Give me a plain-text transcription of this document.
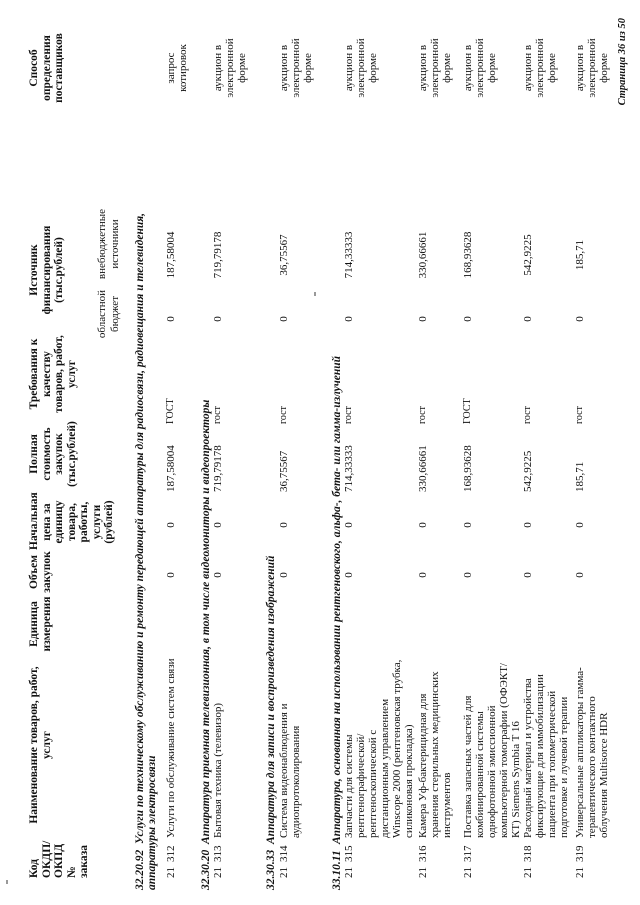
Код ОКДП/ ОКПД № заказа
Наименование товаров, работ, услуг
Единица измерения
Объем закупок
Начальная цена за единицу товара, работы, услуги (рублей)
Полная стоимость закупок (тыс.рублей)
Требования к качеству товаров, работ, услуг
Источник финансирования (тыс.рублей)
областной бюджет
внебюджетные источники
Способ определения поставщиков
32.20.92Услуги по техническому обслуживанию и ремонту передающей аппаратуры для радиосвязи, радиовещания и телевидения, аппаратуры электросвязи 21
312
Услуги по обслуживание систем связи
0
0
187,58004
ГОСТ
0
187,58004
запрос котировок
32.30.20Аппаратура приемная телевизионная, в том числе видеомониторы и видеопроекторы
21
313
Бытовая техника (телевизор)
0
0
719,79178
гост
0
719,79178
аукцион в электронной форме
32.30.33Аппаратура для записи и воспроизведения изображений
21
314
Система видеонаблюдения и аудиопротоколирования
0
0
36,75567
гост
0
36,75567
аукцион в электронной форме
33.10.11Аппаратура, основанная на использовании рентгеновского, альфа-, бета- или гамма-излучений
21
315
Запчасти для системы рентгенографической/рентгеноскопической с дистанционным управлением Winscope 2000 (рентгеновская трубка, силиконовая прокладка)
0
0
714,33333
гост
0
714,33333
аукцион в электронной форме
21
316
Камера Уф-бактерицидная для хранения стерильных медицинских инструментов
0
0
330,66661
гост
0
330,66661
аукцион в электронной форме
21
317
Поставка запасных частей для комбинированной системы однофотонной эмиссионной компьютерной томографии (ОФЭКТ/КТ) Siemens Symbia T 16
0
0
168,93628
ГОСТ
0
168,93628
аукцион в электронной форме
21
318
Расходный материал и устройства фиксирующие для иммобилизации пациента при топометрической подготовке и лучевой терапии
0
0
542,9225
гост
0
542,9225
аукцион в электронной форме
21
319
Универсальные аппликаторы гамма-терапевтического контактного облучения Multisorce HDR
0
0
185,71
гост
0
185,71
аукцион в электронной форме Страница 36 из 50
